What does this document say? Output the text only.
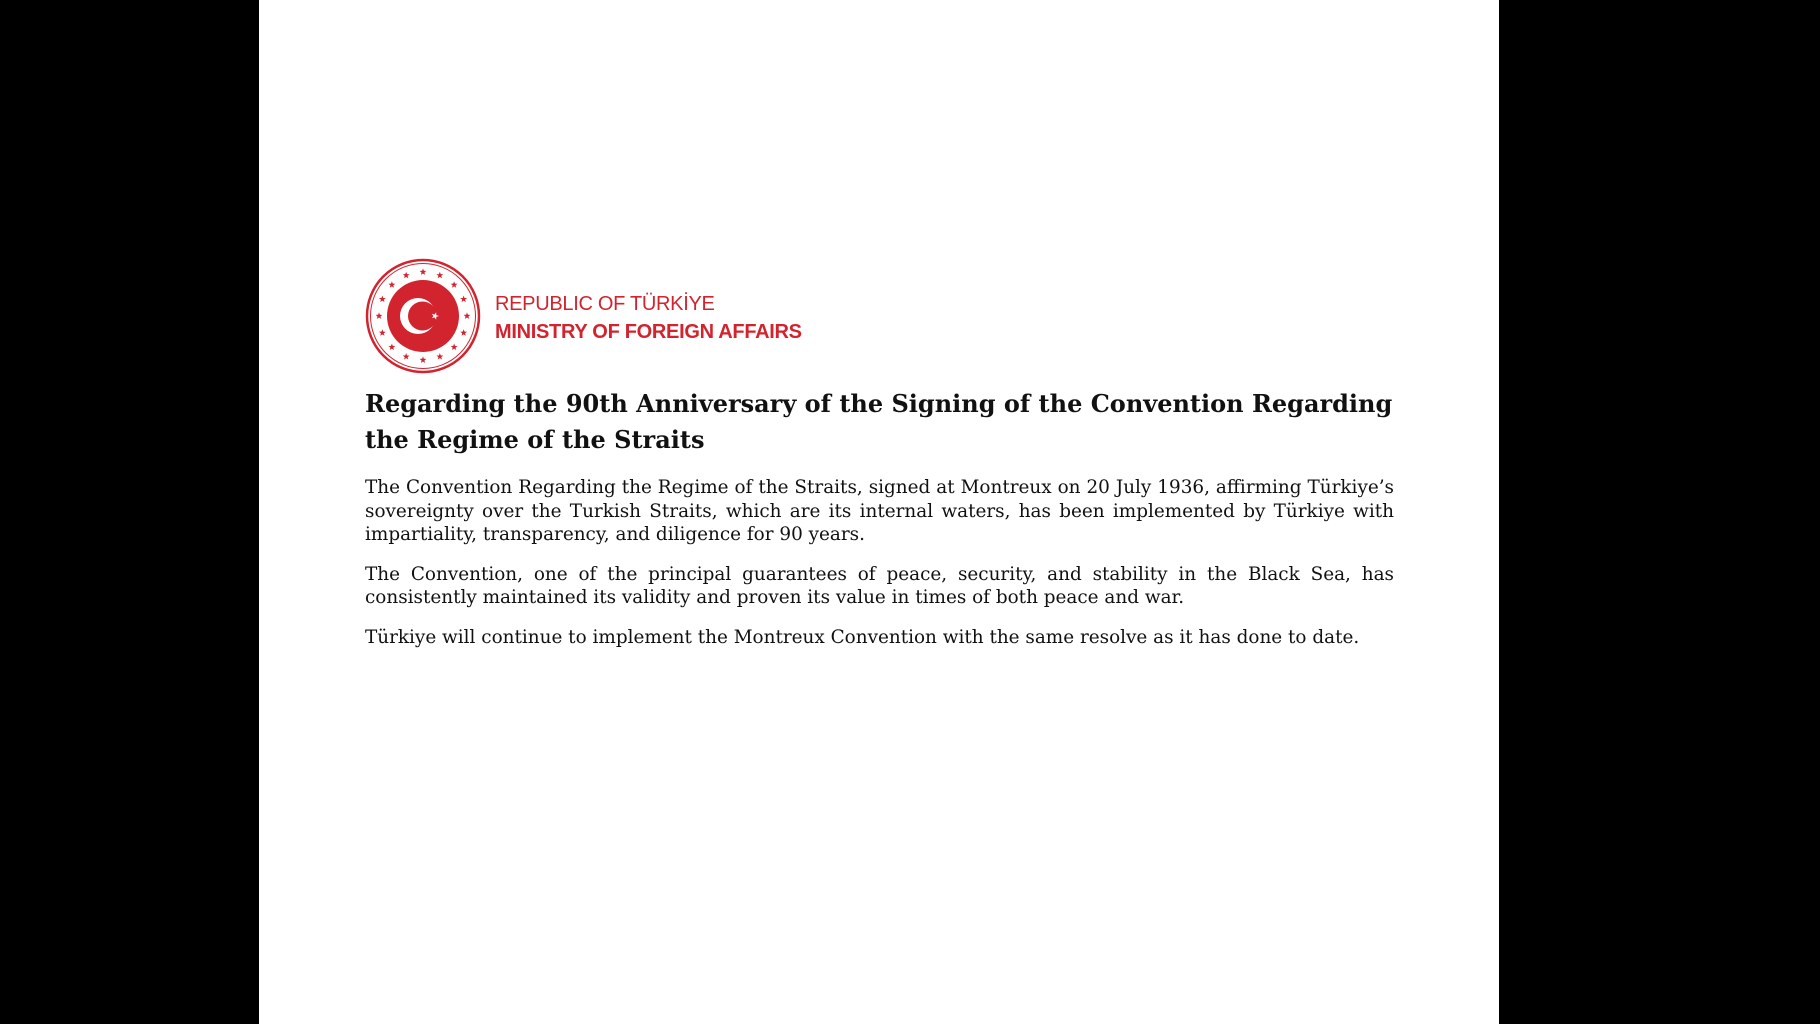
REPUBLIC OF TÜRKİYE
MINISTRY OF FOREIGN AFFAIRS
Regarding the 90th Anniversary of the Signing of the Convention Regarding the Regime of the Straits

The Convention Regarding the Regime of the Straits, signed at Montreux on 20 July 1936, affirming Türkiye’s sovereignty over the Turkish Straits, which are its internal waters, has been implemented by Türkiye with impartiality, transparency, and diligence for 90 years.

The Convention, one of the principal guarantees of peace, security, and stability in the Black Sea, has consistently maintained its validity and proven its value in times of both peace and war.

Türkiye will continue to implement the Montreux Convention with the same resolve as it has done to date.
